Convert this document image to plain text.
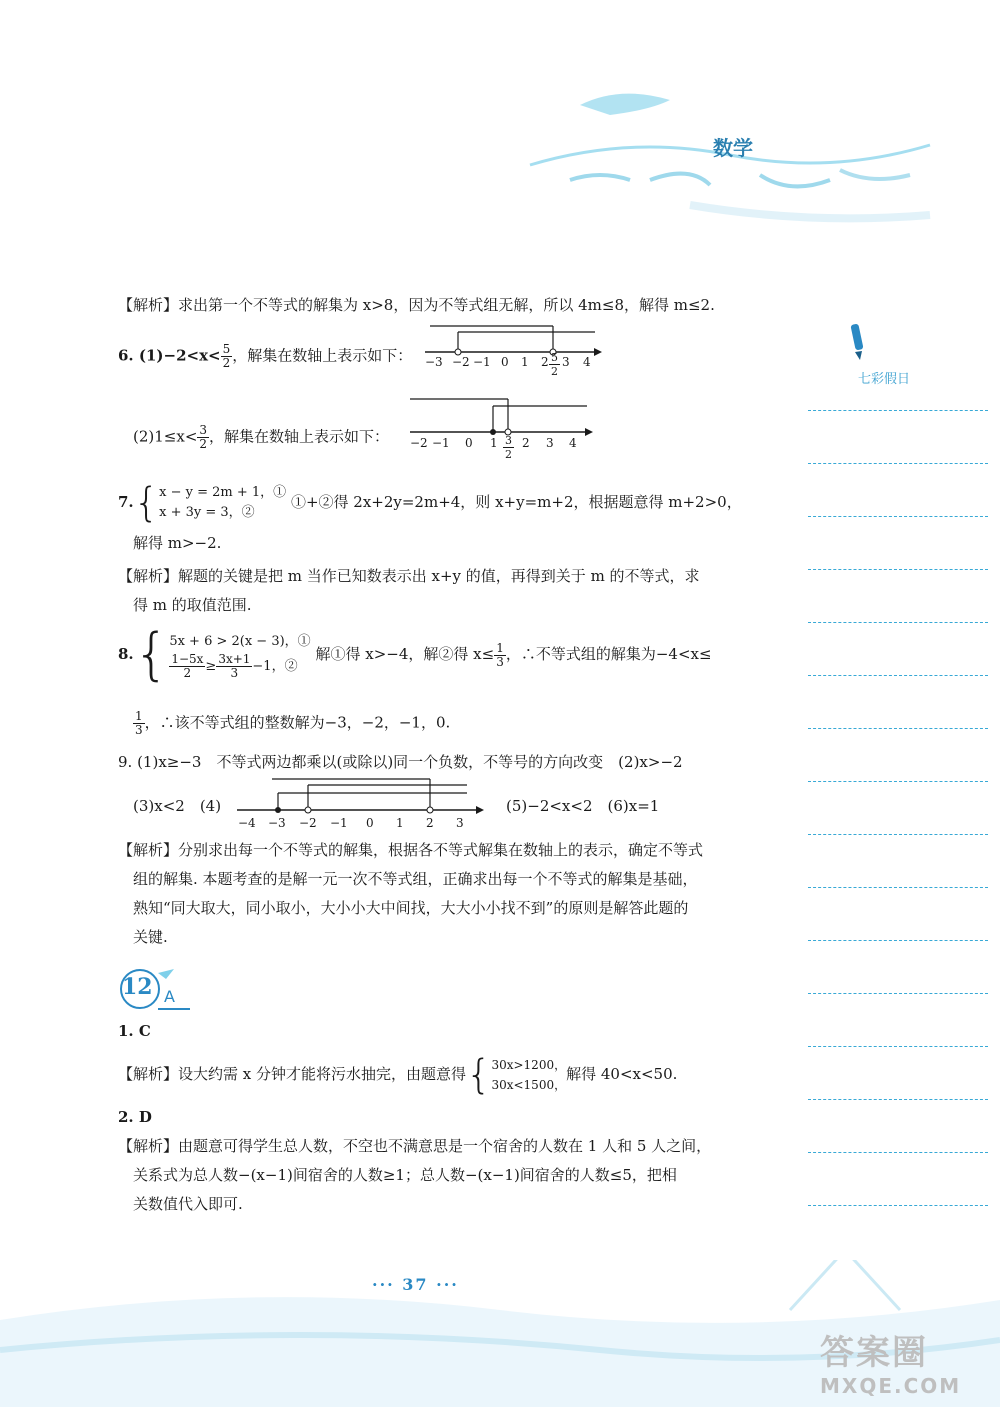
数学
七彩假日
【解析】求出第一个不等式的解集为 x>8，因为不等式组无解，所以 4m≤8，解得 m≤2.
6. $(1)-2<x< \frac{5}{2}$ ，解集在数轴上表示如下： −3 −2 −1 0 1 2 3 4
$\frac{5}{2}$
$(2)1\le x< \frac{3}{2}$ ，解集在数轴上表示如下： −2 −1 0 1 2 3 4
$\frac{3}{2}$
7.{ x − y = 2m + 1，①
x + 3y = 3，②
①+②得 2x+2y=2m+4，则 x+y=m+2，根据题意得 m+2>0，
解得 m>−2.
【解析】解题的关键是把 m 当作已知数表示出 x+y 的值，再得到关于 m 的不等式，求
得 m 的取值范围.
8.{ 5x + 6 > 2(x − 3)，①
$\frac{1-5x}{2} \ge \frac{3x+1}{3} -1$，②
解①得 x>−4，解②得 $x\le \frac{1}{3}$ ，∴不等式组的解集为−4<x≤
$\frac{1}{3}$ ，∴该不等式组的整数解为−3，−2，−1，0.
9. (1)x≥−3　不等式两边都乘以(或除以)同一个负数，不等号的方向改变　(2)x>−2
(3)x<2　(4)
−4 −3 −2 −1 0 1 2 3
(5)−2<x<2　(6)x=1
【解析】分别求出每一个不等式的解集，根据各不等式解集在数轴上的表示，确定不等式
组的解集. 本题考查的是解一元一次不等式组，正确求出每一个不等式的解集是基础，
熟知“同大取大，同小取小，大小小大中间找，大大小小找不到”的原则是解答此题的
关键.
12 A
1. C
【解析】设大约需 x 分钟才能将污水抽完，由题意得{ 30x>1200，
30x<1500，
解得 40<x<50.
2. D
【解析】由题意可得学生总人数，不空也不满意思是一个宿舍的人数在 1 人和 5 人之间，
关系式为总人数−(x−1)间宿舍的人数≥1；总人数−(x−1)间宿舍的人数≤5，把相
关数值代入即可.
··· 37 ···
答案圈
MXQE.COM
